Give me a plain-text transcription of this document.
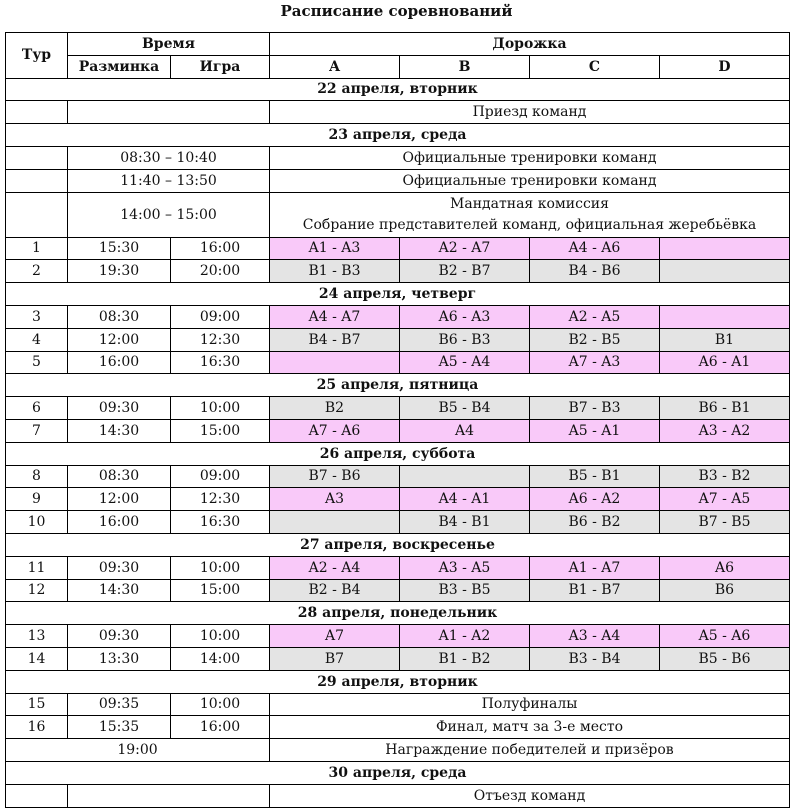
Расписание соревнований
Тур	Время		Дорожка			
	Разминка	Игра	A	B	C	D
22 апреля, вторник						
			Приезд команд			
23 апреля, среда						
	08:30 – 10:40		Официальные тренировки команд			
	11:40 – 13:50		Официальные тренировки команд			
	14:00 – 15:00		Мандатная комиссия
Собрание представителей команд, официальная жеребьёвка			

1	15:30	16:00	A1 - A3	A2 - A7	A4 - A6	
2	19:30	20:00	B1 - B3	B2 - B7	B4 - B6	
24 апреля, четверг						
3	08:30	09:00	A4 - A7	A6 - A3	A2 - A5	
4	12:00	12:30	B4 - B7	B6 - B3	B2 - B5	B1
5	16:00	16:30		A5 - A4	A7 - A3	A6 - A1
25 апреля, пятница						
6	09:30	10:00	B2	B5 - B4	B7 - B3	B6 - B1
7	14:30	15:00	A7 - A6	A4	A5 - A1	A3 - A2
26 апреля, суббота						
8	08:30	09:00	B7 - B6		B5 - B1	B3 - B2
9	12:00	12:30	A3	A4 - A1	A6 - A2	A7 - A5
10	16:00	16:30		B4 - B1	B6 - B2	B7 - B5
27 апреля, воскресенье						
11	09:30	10:00	A2 - A4	A3 - A5	A1 - A7	A6
12	14:30	15:00	B2 - B4	B3 - B5	B1 - B7	B6
28 апреля, понедельник						
13	09:30	10:00	A7	A1 - A2	A3 - A4	A5 - A6
14	13:30	14:00	B7	B1 - B2	B3 - B4	B5 - B6
29 апреля, вторник						
15	09:35	10:00	Полуфиналы			
16	15:35	16:00	Финал, матч за 3-е место			
19:00			Награждение победителей и призёров			
30 апреля, среда						
			Отъезд команд			
